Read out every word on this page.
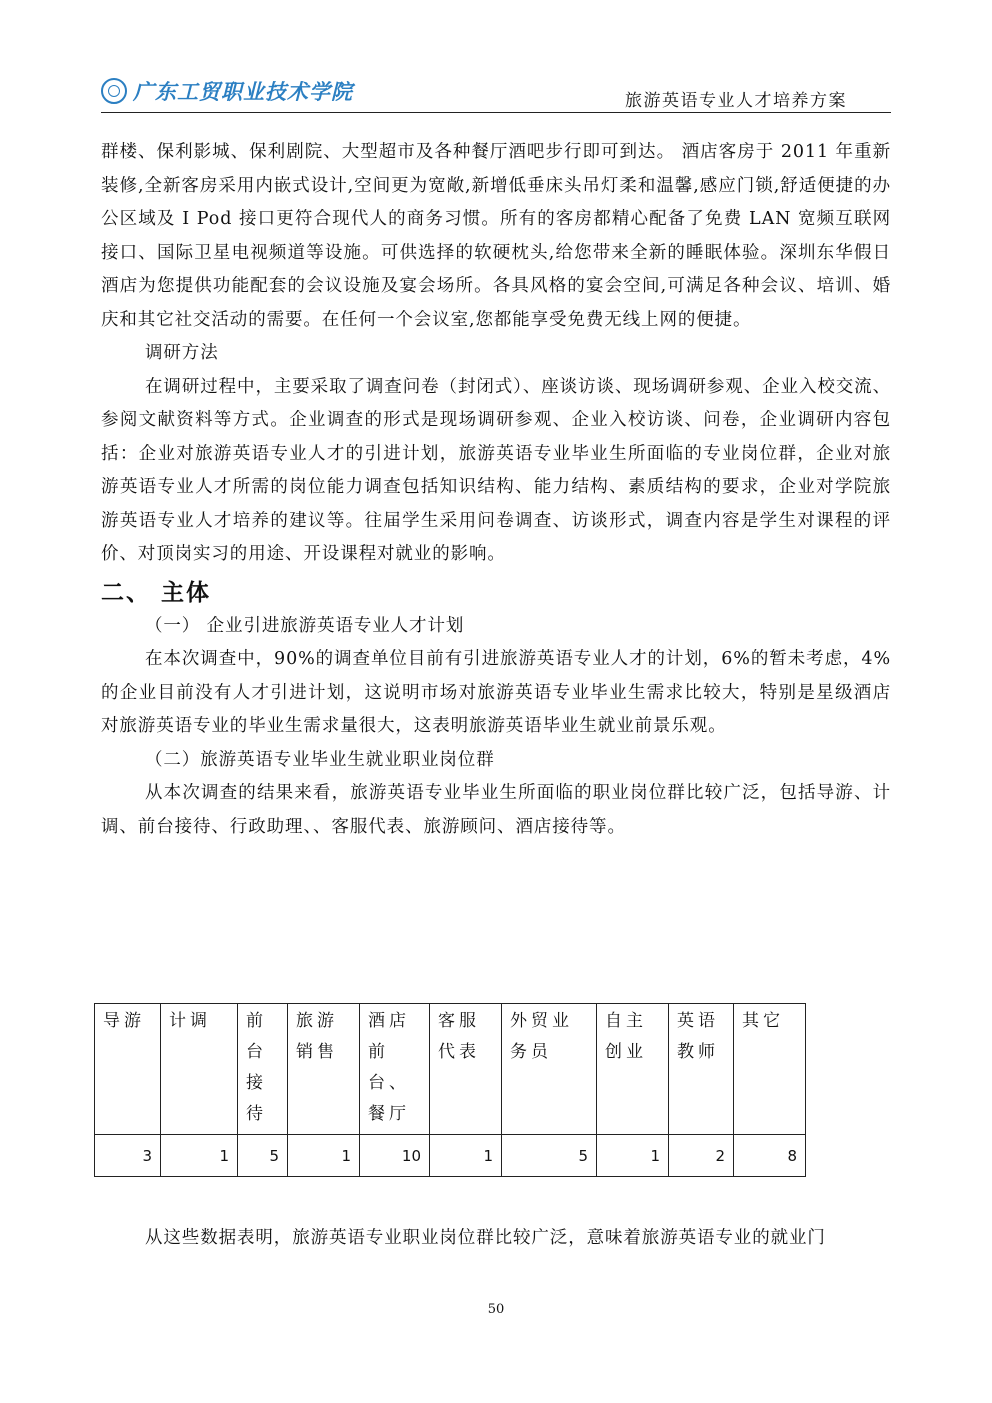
广东工贸职业技术学院	旅游英语专业人才培养方案

群楼、保利影城、保利剧院、大型超市及各种餐厅酒吧步行即可到达。 酒店客房于 2011 年重新装修,全新客房采用内嵌式设计,空间更为宽敞,新增低垂床头吊灯柔和温馨,感应门锁,舒适便捷的办公区域及 I Pod 接口更符合现代人的商务习惯。所有的客房都精心配备了免费 LAN 宽频互联网接口、国际卫星电视频道等设施。可供选择的软硬枕头,给您带来全新的睡眠体验。深圳东华假日酒店为您提供功能配套的会议设施及宴会场所。各具风格的宴会空间,可满足各种会议、培训、婚庆和其它社交活动的需要。在任何一个会议室,您都能享受免费无线上网的便捷。

调研方法

在调研过程中，主要采取了调查问卷（封闭式）、座谈访谈、现场调研参观、企业入校交流、参阅文献资料等方式。企业调查的形式是现场调研参观、企业入校访谈、问卷，企业调研内容包括：企业对旅游英语专业人才的引进计划，旅游英语专业毕业生所面临的专业岗位群，企业对旅游英语专业人才所需的岗位能力调查包括知识结构、能力结构、素质结构的要求，企业对学院旅游英语专业人才培养的建议等。往届学生采用问卷调查、访谈形式，调查内容是学生对课程的评价、对顶岗实习的用途、开设课程对就业的影响。

二、 主体

（一） 企业引进旅游英语专业人才计划

在本次调查中，90%的调查单位目前有引进旅游英语专业人才的计划，6%的暂未考虑，4%的企业目前没有人才引进计划，这说明市场对旅游英语专业毕业生需求比较大，特别是星级酒店对旅游英语专业的毕业生需求量很大，这表明旅游英语毕业生就业前景乐观。

（二）旅游英语专业毕业生就业职业岗位群

从本次调查的结果来看，旅游英语专业毕业生所面临的职业岗位群比较广泛，包括导游、计调、前台接待、行政助理、、客服代表、旅游顾问、酒店接待等。

导游	计调	前台接待	旅游销售	酒店前台、餐厅	客服代表	外贸业务员	自主创业	英语教师	其它
3	1	5	1	10	1	5	1	2	8

从这些数据表明，旅游英语专业职业岗位群比较广泛，意味着旅游英语专业的就业门

50
